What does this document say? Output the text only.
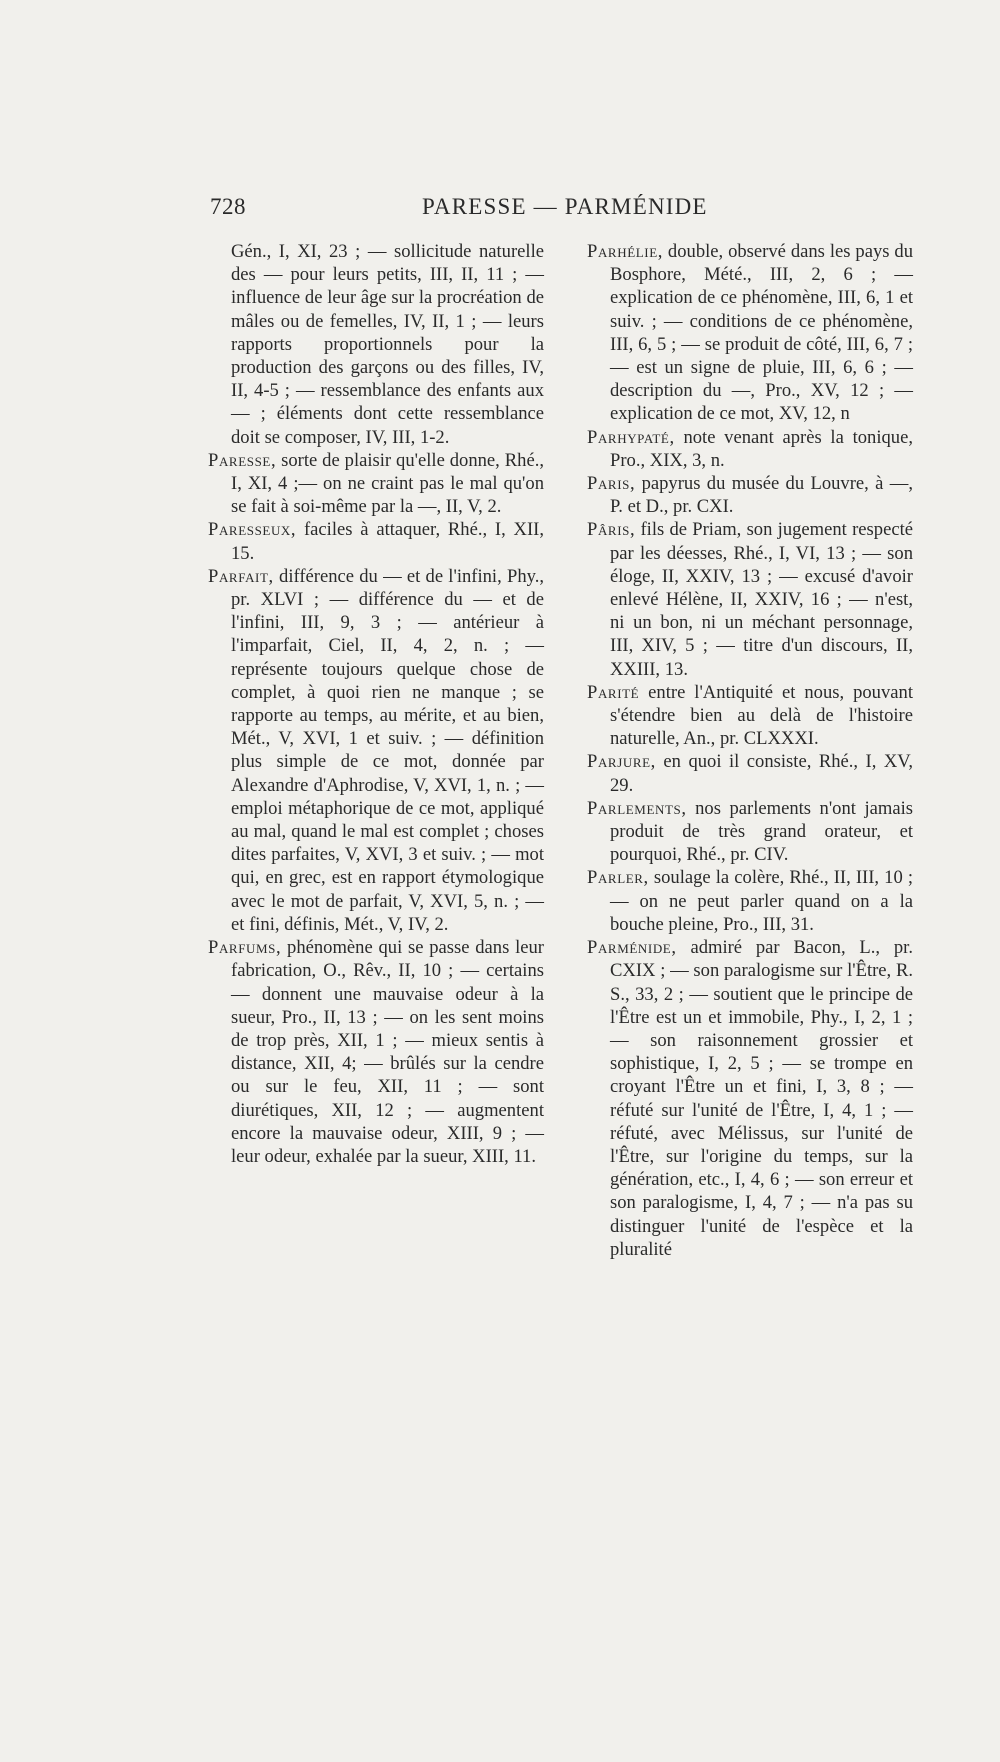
728	PARESSE — PARMÉNIDE

Gén., I, XI, 23 ; — sollicitude naturelle des — pour leurs petits, III, II, 11 ; — influence de leur âge sur la procréation de mâles ou de femelles, IV, II, 1 ; — leurs rapports proportionnels pour la production des garçons ou des filles, IV, II, 4-5 ; — ressemblance des enfants aux — ; éléments dont cette ressemblance doit se composer, IV, III, 1-2.

Paresse, sorte de plaisir qu'elle donne, Rhé., I, XI, 4 ;— on ne craint pas le mal qu'on se fait à soi-même par la —, II, V, 2.

Paresseux, faciles à attaquer, Rhé., I, XII, 15.

Parfait, différence du — et de l'infini, Phy., pr. XLVI ; — différence du — et de l'infini, III, 9, 3 ; — antérieur à l'imparfait, Ciel, II, 4, 2, n. ; — représente toujours quelque chose de complet, à quoi rien ne manque ; se rapporte au temps, au mérite, et au bien, Mét., V, XVI, 1 et suiv. ; — définition plus simple de ce mot, donnée par Alexandre d'Aphrodise, V, XVI, 1, n. ; — emploi métaphorique de ce mot, appliqué au mal, quand le mal est complet ; choses dites parfaites, V, XVI, 3 et suiv. ; — mot qui, en grec, est en rapport étymologique avec le mot de parfait, V, XVI, 5, n. ; — et fini, définis, Mét., V, IV, 2.

Parfums, phénomène qui se passe dans leur fabrication, O., Rêv., II, 10 ; — certains — donnent une mauvaise odeur à la sueur, Pro., II, 13 ; — on les sent moins de trop près, XII, 1 ; — mieux sentis à distance, XII, 4; — brûlés sur la cendre ou sur le feu, XII, 11 ; — sont diurétiques, XII, 12 ; — augmentent encore la mauvaise odeur, XIII, 9 ; — leur odeur, exhalée par la sueur, XIII, 11.

Parhélie, double, observé dans les pays du Bosphore, Mété., III, 2, 6 ; — explication de ce phénomène, III, 6, 1 et suiv. ; — conditions de ce phénomène, III, 6, 5 ; — se produit de côté, III, 6, 7 ; — est un signe de pluie, III, 6, 6 ; — description du —, Pro., XV, 12 ; — explication de ce mot, XV, 12, n

Parhypaté, note venant après la tonique, Pro., XIX, 3, n.

Paris, papyrus du musée du Louvre, à —, P. et D., pr. CXI.

Pâris, fils de Priam, son jugement respecté par les déesses, Rhé., I, VI, 13 ; — son éloge, II, XXIV, 13 ; — excusé d'avoir enlevé Hélène, II, XXIV, 16 ; — n'est, ni un bon, ni un méchant personnage, III, XIV, 5 ; — titre d'un discours, II, XXIII, 13.

Parité entre l'Antiquité et nous, pouvant s'étendre bien au delà de l'histoire naturelle, An., pr. CLXXXI.

Parjure, en quoi il consiste, Rhé., I, XV, 29.

Parlements, nos parlements n'ont jamais produit de très grand orateur, et pourquoi, Rhé., pr. CIV.

Parler, soulage la colère, Rhé., II, III, 10 ; — on ne peut parler quand on a la bouche pleine, Pro., III, 31.

Parménide, admiré par Bacon, L., pr. CXIX ; — son paralogisme sur l'Être, R. S., 33, 2 ; — soutient que le principe de l'Être est un et immobile, Phy., I, 2, 1 ; — son raisonnement grossier et sophistique, I, 2, 5 ; — se trompe en croyant l'Être un et fini, I, 3, 8 ; — réfuté sur l'unité de l'Être, I, 4, 1 ; — réfuté, avec Mélissus, sur l'unité de l'Être, sur l'origine du temps, sur la génération, etc., I, 4, 6 ; — son erreur et son paralogisme, I, 4, 7 ; — n'a pas su distinguer l'unité de l'espèce et la pluralité
